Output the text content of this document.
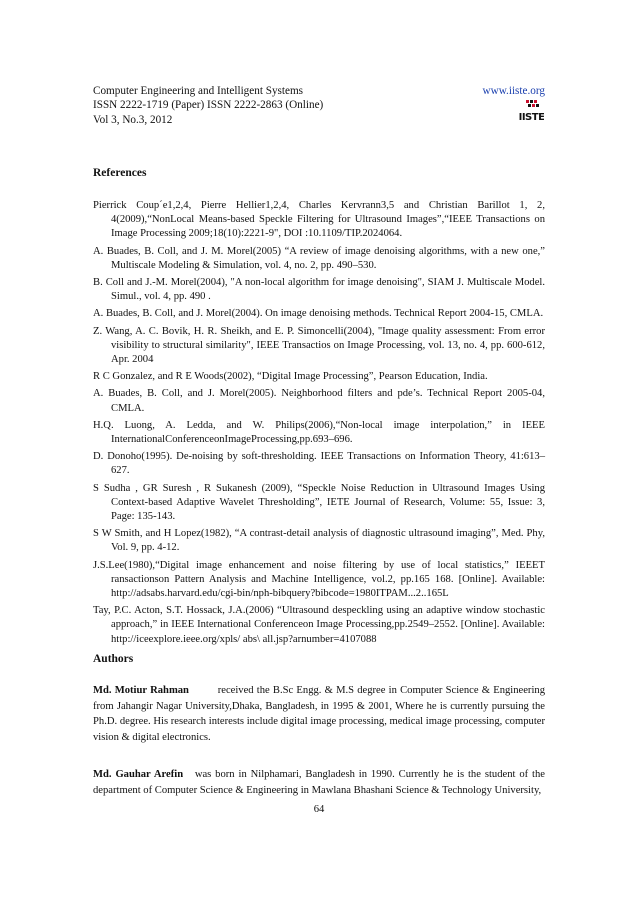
Computer Engineering and Intelligent Systems
ISSN 2222-1719 (Paper) ISSN 2222-2863 (Online)
Vol 3, No.3, 2012
www.iiste.org
IISTE
References

Pierrick Coup´e1,2,4, Pierre Hellier1,2,4, Charles Kervrann3,5 and Christian Barillot 1, 2, 4(2009),“NonLocal Means-based Speckle Filtering for Ultrasound Images”,“IEEE Transactions on Image Processing 2009;18(10):2221-9", DOI :10.1109/TIP.2024064.

A. Buades, B. Coll, and J. M. Morel(2005) “A review of image denoising algorithms, with a new one,” Multiscale Modeling & Simulation, vol. 4, no. 2, pp. 490–530.

B. Coll and J.-M. Morel(2004), "A non-local algorithm for image denoising", SIAM J. Multiscale Model. Simul., vol. 4, pp. 490 .

A. Buades, B. Coll, and J. Morel(2004). On image denoising methods. Technical Report 2004-15, CMLA.

Z. Wang, A. C. Bovik, H. R. Sheikh, and E. P. Simoncelli(2004), "Image quality assessment: From error visibility to structural similarity", IEEE Transactios on Image Processing, vol. 13, no. 4, pp. 600-612, Apr. 2004

R C Gonzalez, and R E Woods(2002), “Digital Image Processing”, Pearson Education, India.

A. Buades, B. Coll, and J. Morel(2005). Neighborhood filters and pde’s. Technical Report 2005-04, CMLA.

H.Q. Luong, A. Ledda, and W. Philips(2006),“Non-local image interpolation,” in IEEE InternationalConferenceonImageProcessing,pp.693–696.

D. Donoho(1995). De-noising by soft-thresholding. IEEE Transactions on Information Theory, 41:613–627.

S Sudha , GR Suresh , R Sukanesh (2009), “Speckle Noise Reduction in Ultrasound Images Using Context-based Adaptive Wavelet Thresholding”, IETE Journal of Research, Volume: 55, Issue: 3, Page: 135-143.

S W Smith, and H Lopez(1982), “A contrast-detail analysis of diagnostic ultrasound imaging”, Med. Phy, Vol. 9, pp. 4-12.

J.S.Lee(1980),“Digital image enhancement and noise filtering by use of local statistics,” IEEET ransactionson Pattern Analysis and Machine Intelligence, vol.2, pp.165 168. [Online]. Available: http://adsabs.harvard.edu/cgi-bin/nph-bibquery?bibcode=1980ITPAM...2..165L

Tay, P.C. Acton, S.T. Hossack, J.A.(2006) “Ultrasound despeckling using an adaptive window stochastic approach,” in IEEE International Conferenceon Image Processing,pp.2549–2552. [Online]. Available: http://iceexplore.ieee.org/xpls/ abs\ all.jsp?arnumber=4107088

Authors

Md. Motiur Rahman	received the B.Sc Engg. & M.S degree in Computer Science & Engineering from Jahangir Nagar University,Dhaka, Bangladesh, in 1995 & 2001, Where he is currently pursuing the Ph.D. degree. His research interests include digital image processing, medical image processing, computer vision & digital electronics.

Md. Gauhar Arefin was born in Nilphamari, Bangladesh in 1990. Currently he is the student of the department of Computer Science & Engineering in Mawlana Bhashani Science & Technology University,

64
